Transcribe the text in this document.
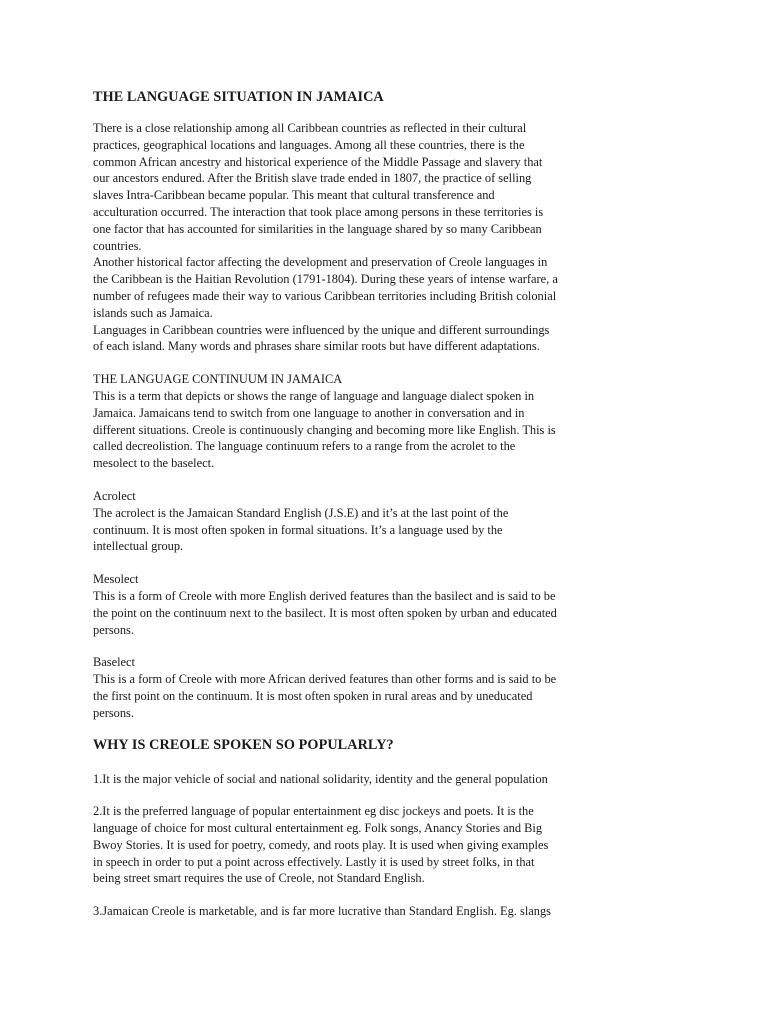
THE LANGUAGE SITUATION IN JAMAICA

There is a close relationship among all Caribbean countries as reflected in their cultural
practices, geographical locations and languages. Among all these countries, there is the
common African ancestry and historical experience of the Middle Passage and slavery that
our ancestors endured. After the British slave trade ended in 1807, the practice of selling
slaves Intra-Caribbean became popular. This meant that cultural transference and
acculturation occurred. The interaction that took place among persons in these territories is
one factor that has accounted for similarities in the language shared by so many Caribbean
countries.

Another historical factor affecting the development and preservation of Creole languages in
the Caribbean is the Haitian Revolution (1791-1804). During these years of intense warfare, a
number of refugees made their way to various Caribbean territories including British colonial
islands such as Jamaica.

Languages in Caribbean countries were influenced by the unique and different surroundings
of each island. Many words and phrases share similar roots but have different adaptations.

THE LANGUAGE CONTINUUM IN JAMAICA
This is a term that depicts or shows the range of language and language dialect spoken in
Jamaica. Jamaicans tend to switch from one language to another in conversation and in
different situations. Creole is continuously changing and becoming more like English. This is
called decreolistion. The language continuum refers to a range from the acrolet to the
mesolect to the baselect.

Acrolect
The acrolect is the Jamaican Standard English (J.S.E) and it’s at the last point of the
continuum. It is most often spoken in formal situations. It’s a language used by the
intellectual group.

Mesolect
This is a form of Creole with more English derived features than the basilect and is said to be
the point on the continuum next to the basilect. It is most often spoken by urban and educated
persons.

Baselect
This is a form of Creole with more African derived features than other forms and is said to be
the first point on the continuum. It is most often spoken in rural areas and by uneducated
persons.

WHY IS CREOLE SPOKEN SO POPULARLY?

1.It is the major vehicle of social and national solidarity, identity and the general population

2.It is the preferred language of popular entertainment eg disc jockeys and poets. It is the
language of choice for most cultural entertainment eg. Folk songs, Anancy Stories and Big
Bwoy Stories. It is used for poetry, comedy, and roots play. It is used when giving examples
in speech in order to put a point across effectively. Lastly it is used by street folks, in that
being street smart requires the use of Creole, not Standard English.

3.Jamaican Creole is marketable, and is far more lucrative than Standard English. Eg. slangs
